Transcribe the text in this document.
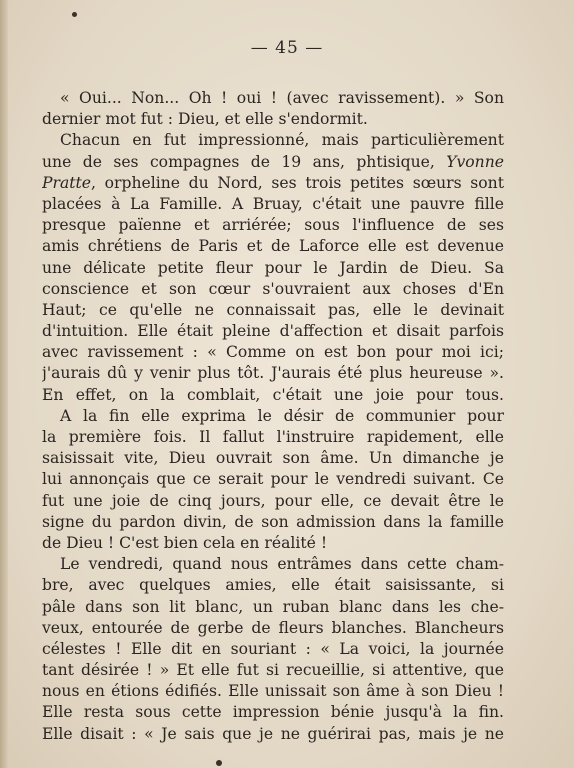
— 45 —
« Oui... Non... Oh ! oui ! (avec ravissement). » Son
dernier mot fut : Dieu, et elle s'endormit.
Chacun en fut impressionné, mais particulièrement
une de ses compagnes de 19 ans, phtisique, Yvonne
Pratte, orpheline du Nord, ses trois petites sœurs sont
placées à La Famille. A Bruay, c'était une pauvre fille
presque païenne et arriérée; sous l'influence de ses
amis chrétiens de Paris et de Laforce elle est devenue
une délicate petite fleur pour le Jardin de Dieu. Sa
conscience et son cœur s'ouvraient aux choses d'En
Haut; ce qu'elle ne connaissait pas, elle le devinait
d'intuition. Elle était pleine d'affection et disait parfois
avec ravissement : « Comme on est bon pour moi ici;
j'aurais dû y venir plus tôt. J'aurais été plus heureuse ».
En effet, on la comblait, c'était une joie pour tous.
A la fin elle exprima le désir de communier pour
la première fois. Il fallut l'instruire rapidement, elle
saisissait vite, Dieu ouvrait son âme. Un dimanche je
lui annonçais que ce serait pour le vendredi suivant. Ce
fut une joie de cinq jours, pour elle, ce devait être le
signe du pardon divin, de son admission dans la famille
de Dieu ! C'est bien cela en réalité !
Le vendredi, quand nous entrâmes dans cette cham-
bre, avec quelques amies, elle était saisissante, si
pâle dans son lit blanc, un ruban blanc dans les che-
veux, entourée de gerbe de fleurs blanches. Blancheurs
célestes ! Elle dit en souriant : « La voici, la journée
tant désirée ! » Et elle fut si recueillie, si attentive, que
nous en étions édifiés. Elle unissait son âme à son Dieu !
Elle resta sous cette impression bénie jusqu'à la fin.
Elle disait : « Je sais que je ne guérirai pas, mais je ne
